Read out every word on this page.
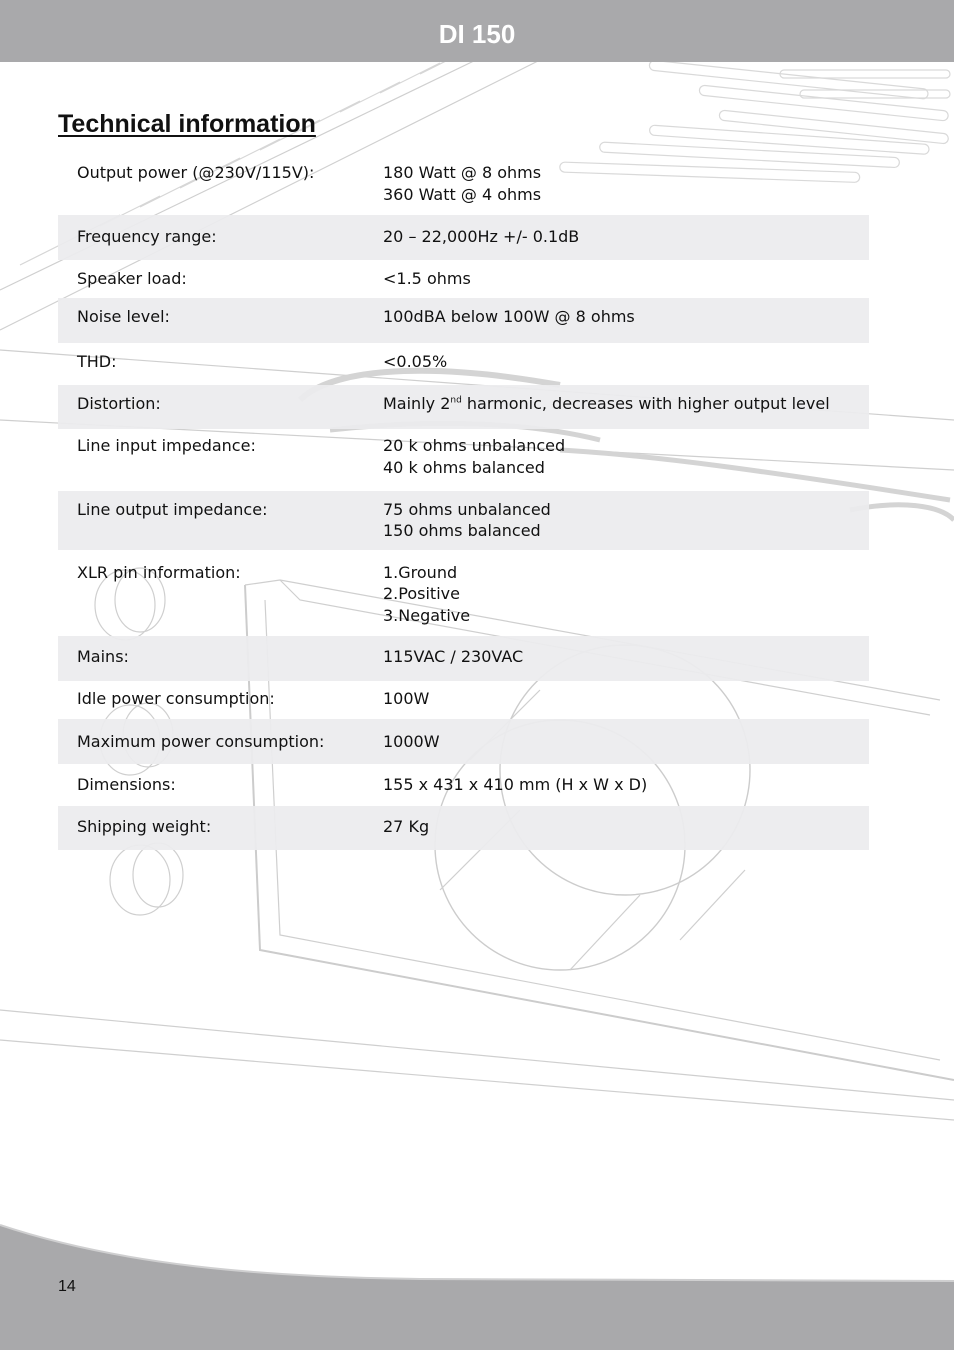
DI 150
Technical information
Output power (@230V/115V):	180 Watt @ 8 ohms
360 Watt @ 4 ohms
Frequency range:	20 – 22,000Hz +/- 0.1dB
Speaker load:	<1.5 ohms
Noise level:	100dBA below 100W @ 8 ohms
THD:	<0.05%
Distortion:	Mainly 2nd harmonic, decreases with higher output level
Line input impedance:	20 k ohms unbalanced
40 k ohms balanced
Line output impedance:	75 ohms unbalanced
150 ohms balanced
XLR pin information:	1.Ground
2.Positive
3.Negative
Mains:	115VAC / 230VAC
Idle power consumption:	100W
Maximum power consumption:	1000W
Dimensions:	155 x 431 x 410 mm (H x W x D)
Shipping weight:	27 Kg
14
